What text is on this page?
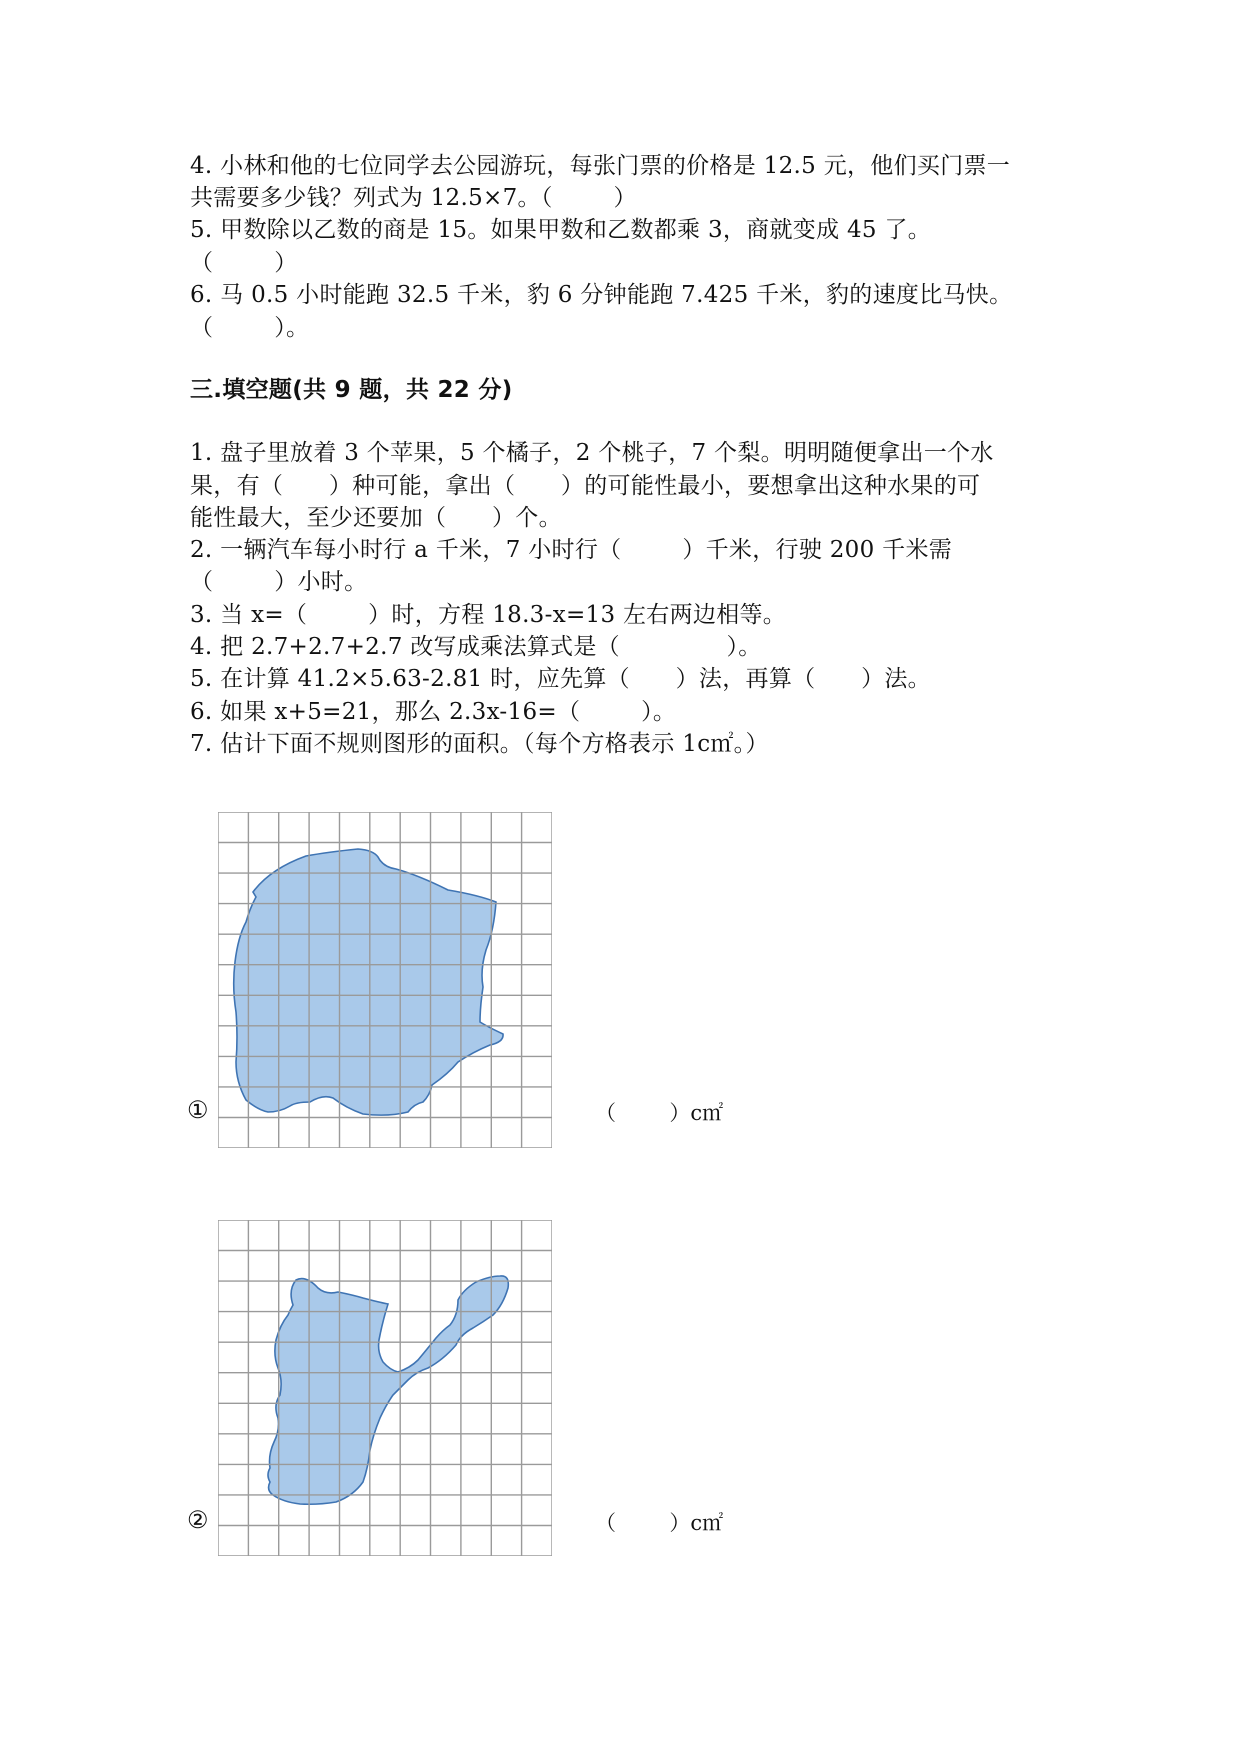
4. 小林和他的七位同学去公园游玩，每张门票的价格是 12.5 元，他们买门票一
共需要多少钱？列式为 12.5×7。（        ）
5. 甲数除以乙数的商是 15。如果甲数和乙数都乘 3，商就变成 45 了。
（        ）
6. 马 0.5 小时能跑 32.5 千米，豹 6 分钟能跑 7.425 千米，豹的速度比马快。
（        ）。
三.填空题(共 9 题，共 22 分)
1. 盘子里放着 3 个苹果，5 个橘子，2 个桃子，7 个梨。明明随便拿出一个水
果，有（      ）种可能，拿出（      ）的可能性最小，要想拿出这种水果的可
能性最大，至少还要加（      ）个。
2. 一辆汽车每小时行 a 千米，7 小时行（        ）千米，行驶 200 千米需
（        ）小时。
3. 当 x=（        ）时，方程 18.3-x=13 左右两边相等。
4. 把 2.7+2.7+2.7 改写成乘法算式是（              ）。
5. 在计算 41.2×5.63-2.81 时，应先算（      ）法，再算（      ）法。
6. 如果 x+5=21，那么 2.3x-16=（        ）。
7. 估计下面不规则图形的面积。（每个方格表示 1c㎡。）
①	（        ）c㎡
②	（        ）c㎡
